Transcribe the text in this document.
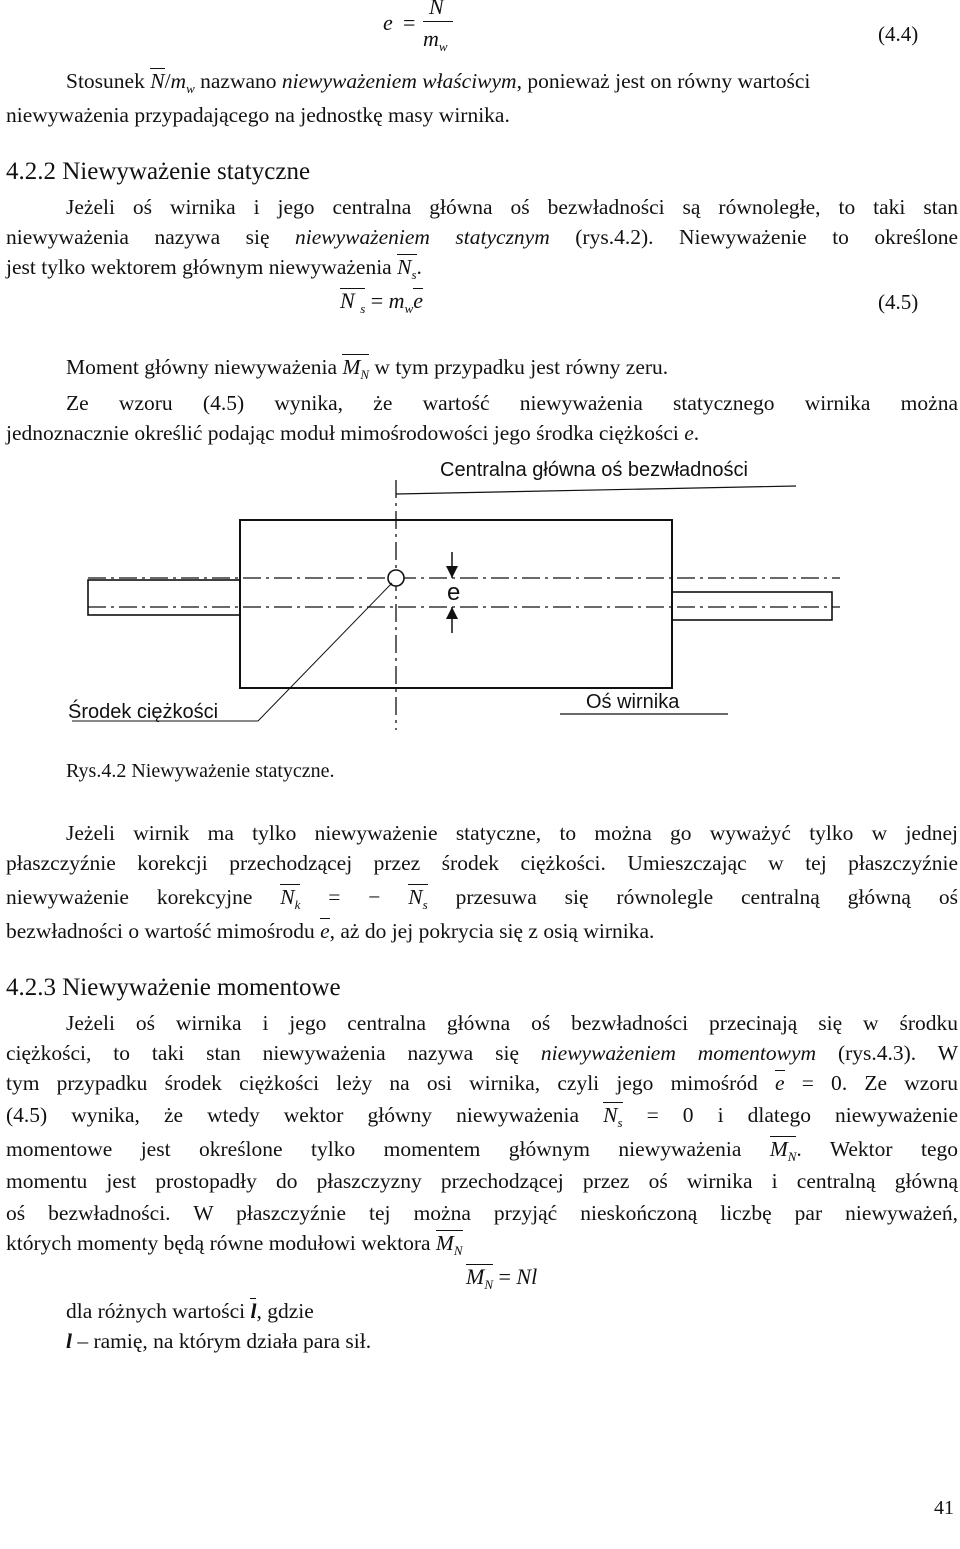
e =
N
$m_w$
(4.4)
Stosunek $N/m_w$ nazwano niewyważeniem właściwym, ponieważ jest on równy wartości
niewyważenia przypadającego na jednostkę masy wirnika.
4.2.2 Niewyważenie statyczne
Jeżeli oś wirnika i jego centralna główna oś bezwładności są równoległe, to taki stan
niewyważenia nazywa się niewyważeniem statycznym (rys.4.2). Niewyważenie to określone
jest tylko wektorem głównym niewyważenia $N_s$.
N $_s = m_we$	(4.5)
Moment główny niewyważenia $M_N$ w tym przypadku jest równy zeru.
Ze wzoru (4.5) wynika, że wartość niewyważenia statycznego wirnika można
jednoznacznie określić podając moduł mimośrodowości jego środka ciężkości e.
Centralna główna oś bezwładności
e
Środek ciężkości	Oś wirnika
Rys.4.2 Niewyważenie statyczne.
Jeżeli wirnik ma tylko niewyważenie statyczne, to można go wyważyć tylko w jednej
płaszczyźnie korekcji przechodzącej przez środek ciężkości. Umieszczając w tej płaszczyźnie
niewyważenie korekcyjne $N_k$ = − $N_s$ przesuwa się równolegle centralną główną oś
bezwładności o wartość mimośrodu e, aż do jej pokrycia się z osią wirnika.
4.2.3 Niewyważenie momentowe
Jeżeli oś wirnika i jego centralna główna oś bezwładności przecinają się w środku
ciężkości, to taki stan niewyważenia nazywa się niewyważeniem momentowym (rys.4.3). W
tym przypadku środek ciężkości leży na osi wirnika, czyli jego mimośród e = 0. Ze wzoru
(4.5) wynika, że wtedy wektor główny niewyważenia $N_s = 0$ i dlatego niewyważenie
momentowe jest określone tylko momentem głównym niewyważenia $M_N$. Wektor tego
momentu jest prostopadły do płaszczyzny przechodzącej przez oś wirnika i centralną główną
oś bezwładności. W płaszczyźnie tej można przyjąć nieskończoną liczbę par niewyważeń,
których momenty będą równe modułowi wektora $M_N$
$M_N = Nl$
dla różnych wartości l, gdzie
l – ramię, na którym działa para sił.
41
